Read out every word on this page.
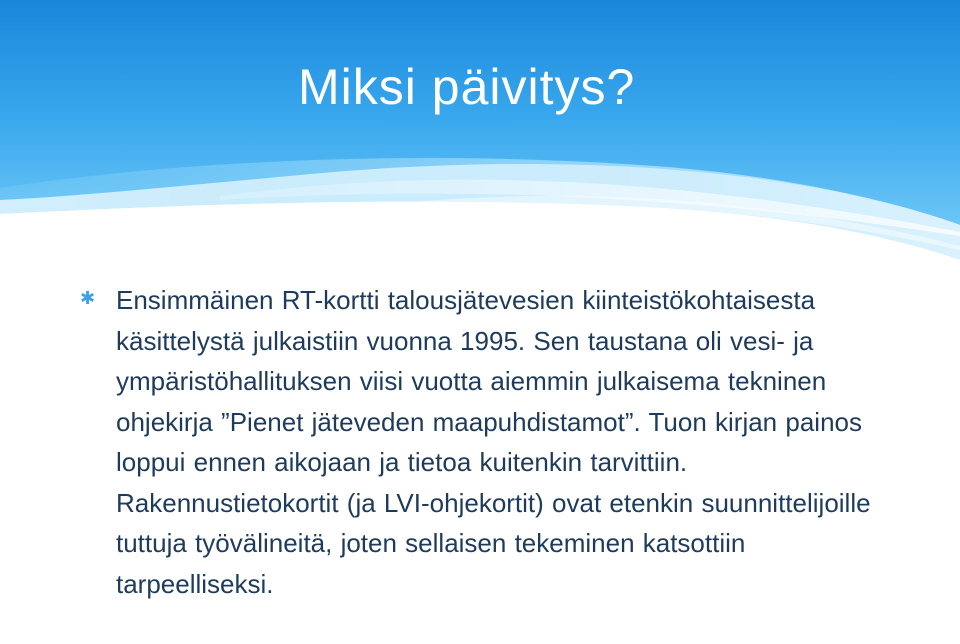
Miksi päivitys?
✱ Ensimmäinen RT-kortti talousjätevesien kiinteistökohtaisesta käsittelystä julkaistiin vuonna 1995. Sen taustana oli vesi- ja ympäristöhallituksen viisi vuotta aiemmin julkaisema tekninen ohjekirja ”Pienet jäteveden maapuhdistamot”. Tuon kirjan painos loppui ennen aikojaan ja tietoa kuitenkin tarvittiin. Rakennustietokortit (ja LVI-ohjekortit) ovat etenkin suunnittelijoille tuttuja työvälineitä, joten sellaisen tekeminen katsottiin tarpeelliseksi.
